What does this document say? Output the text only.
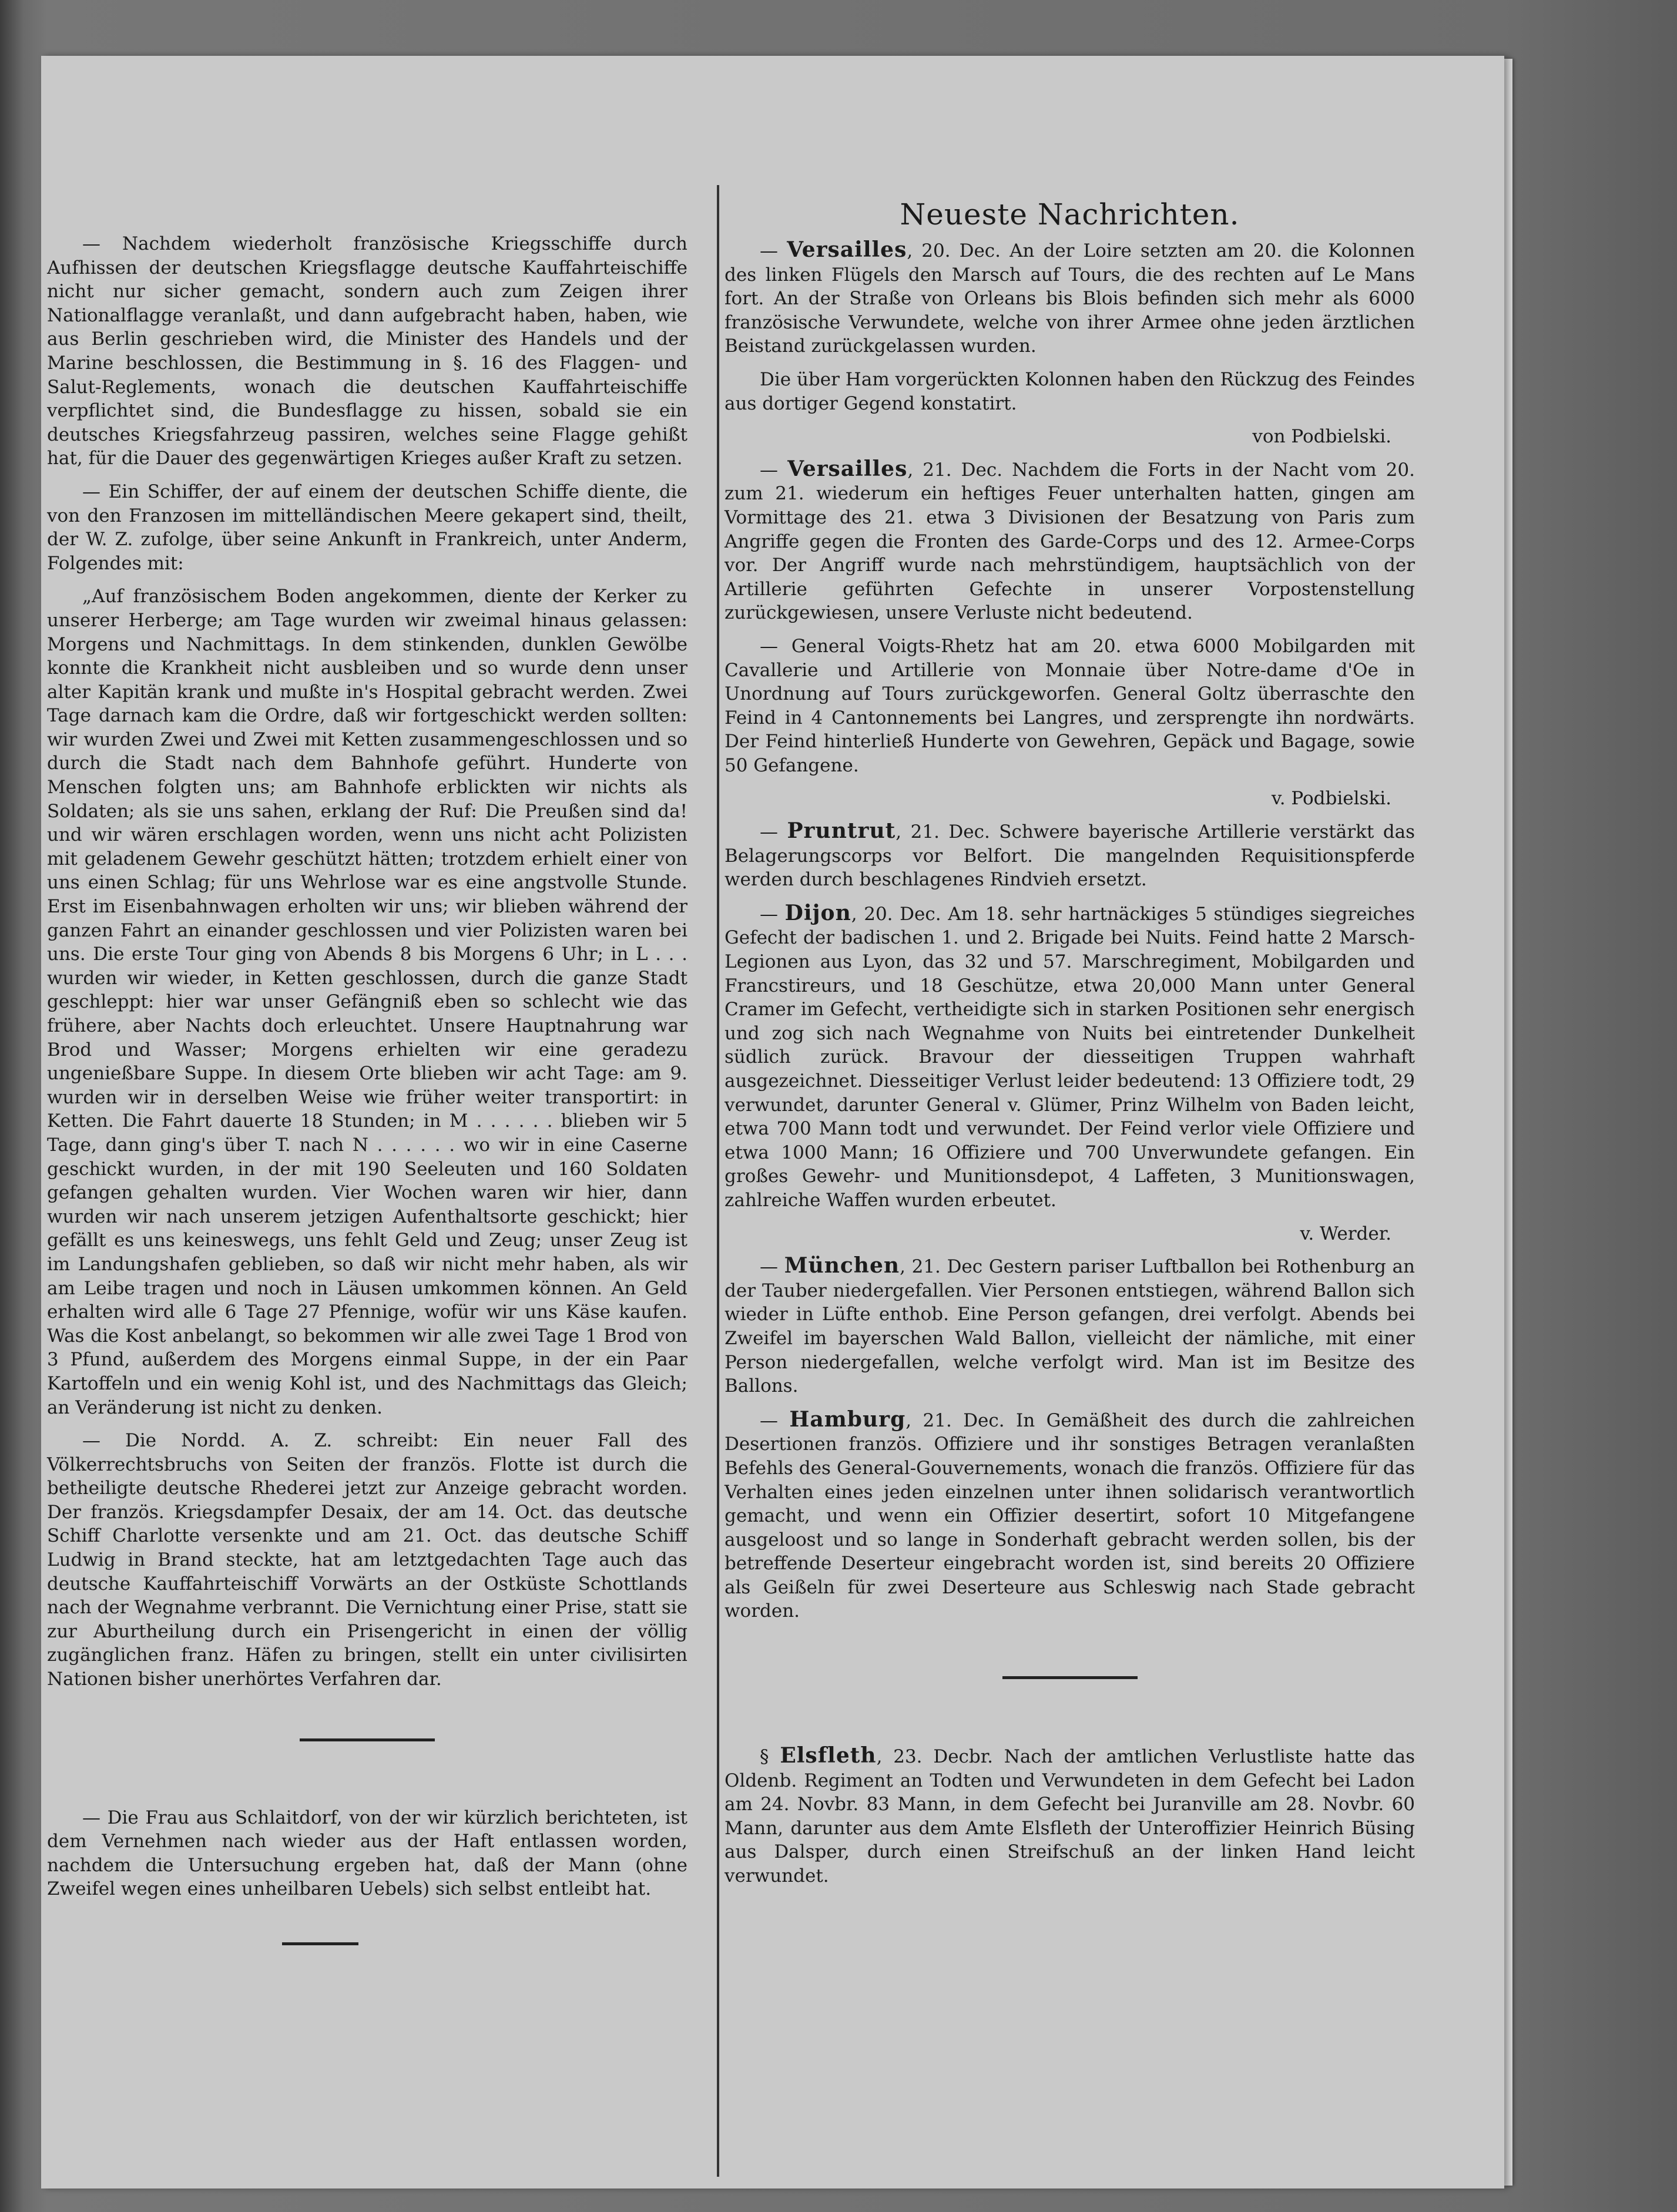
— Nachdem wiederholt französische Kriegsschiffe durch Aufhissen der deutschen Kriegsflagge deutsche Kauffahrteischiffe nicht nur sicher gemacht, sondern auch zum Zeigen ihrer Nationalflagge veranlaßt, und dann aufgebracht haben, haben, wie aus Berlin geschrieben wird, die Minister des Handels und der Marine beschlossen, die Bestimmung in §. 16 des Flaggen- und Salut-Reglements, wonach die deutschen Kauffahrteischiffe verpflichtet sind, die Bundesflagge zu hissen, sobald sie ein deutsches Kriegsfahrzeug passiren, welches seine Flagge gehißt hat, für die Dauer des gegenwärtigen Krieges außer Kraft zu setzen.

— Ein Schiffer, der auf einem der deutschen Schiffe diente, die von den Franzosen im mittelländischen Meere gekapert sind, theilt, der W. Z. zufolge, über seine Ankunft in Frankreich, unter Anderm, Folgendes mit:

„Auf französischem Boden angekommen, diente der Kerker zu unserer Herberge; am Tage wurden wir zweimal hinaus gelassen: Morgens und Nachmittags. In dem stinkenden, dunklen Gewölbe konnte die Krankheit nicht ausbleiben und so wurde denn unser alter Kapitän krank und mußte in's Hospital gebracht werden. Zwei Tage darnach kam die Ordre, daß wir fortgeschickt werden sollten: wir wurden Zwei und Zwei mit Ketten zusammengeschlossen und so durch die Stadt nach dem Bahnhofe geführt. Hunderte von Menschen folgten uns; am Bahnhofe erblickten wir nichts als Soldaten; als sie uns sahen, erklang der Ruf: Die Preußen sind da! und wir wären erschlagen worden, wenn uns nicht acht Polizisten mit geladenem Gewehr geschützt hätten; trotzdem erhielt einer von uns einen Schlag; für uns Wehrlose war es eine angstvolle Stunde. Erst im Eisenbahnwagen erholten wir uns; wir blieben während der ganzen Fahrt an einander geschlossen und vier Polizisten waren bei uns. Die erste Tour ging von Abends 8 bis Morgens 6 Uhr; in L . . . wurden wir wieder, in Ketten geschlossen, durch die ganze Stadt geschleppt: hier war unser Gefängniß eben so schlecht wie das frühere, aber Nachts doch erleuchtet. Unsere Hauptnahrung war Brod und Wasser; Morgens erhielten wir eine geradezu ungenießbare Suppe. In diesem Orte blieben wir acht Tage: am 9. wurden wir in derselben Weise wie früher weiter transportirt: in Ketten. Die Fahrt dauerte 18 Stunden; in M . . . . . . blieben wir 5 Tage, dann ging's über T. nach N . . . . . . wo wir in eine Caserne geschickt wurden, in der mit 190 Seeleuten und 160 Soldaten gefangen gehalten wurden. Vier Wochen waren wir hier, dann wurden wir nach unserem jetzigen Aufenthaltsorte geschickt; hier gefällt es uns keineswegs, uns fehlt Geld und Zeug; unser Zeug ist im Landungshafen geblieben, so daß wir nicht mehr haben, als wir am Leibe tragen und noch in Läusen umkommen können. An Geld erhalten wird alle 6 Tage 27 Pfennige, wofür wir uns Käse kaufen. Was die Kost anbelangt, so bekommen wir alle zwei Tage 1 Brod von 3 Pfund, außerdem des Morgens einmal Suppe, in der ein Paar Kartoffeln und ein wenig Kohl ist, und des Nachmittags das Gleich; an Veränderung ist nicht zu denken.

— Die Nordd. A. Z. schreibt: Ein neuer Fall des Völkerrechtsbruchs von Seiten der französ. Flotte ist durch die betheiligte deutsche Rhederei jetzt zur Anzeige gebracht worden. Der französ. Kriegsdampfer Desaix, der am 14. Oct. das deutsche Schiff Charlotte versenkte und am 21. Oct. das deutsche Schiff Ludwig in Brand steckte, hat am letztgedachten Tage auch das deutsche Kauffahrteischiff Vorwärts an der Ostküste Schottlands nach der Wegnahme verbrannt. Die Vernichtung einer Prise, statt sie zur Aburtheilung durch ein Prisengericht in einen der völlig zugänglichen franz. Häfen zu bringen, stellt ein unter civilisirten Nationen bisher unerhörtes Verfahren dar.

— Die Frau aus Schlaitdorf, von der wir kürzlich berichteten, ist dem Vernehmen nach wieder aus der Haft entlassen worden, nachdem die Untersuchung ergeben hat, daß der Mann (ohne Zweifel wegen eines unheilbaren Uebels) sich selbst entleibt hat.

Neueste Nachrichten.

— Versailles, 20. Dec. An der Loire setzten am 20. die Kolonnen des linken Flügels den Marsch auf Tours, die des rechten auf Le Mans fort. An der Straße von Orleans bis Blois befinden sich mehr als 6000 französische Verwundete, welche von ihrer Armee ohne jeden ärztlichen Beistand zurückgelassen wurden.

Die über Ham vorgerückten Kolonnen haben den Rückzug des Feindes aus dortiger Gegend konstatirt.

von Podbielski.

— Versailles, 21. Dec. Nachdem die Forts in der Nacht vom 20. zum 21. wiederum ein heftiges Feuer unterhalten hatten, gingen am Vormittage des 21. etwa 3 Divisionen der Besatzung von Paris zum Angriffe gegen die Fronten des Garde-Corps und des 12. Armee-Corps vor. Der Angriff wurde nach mehrstündigem, hauptsächlich von der Artillerie geführten Gefechte in unserer Vorpostenstellung zurückgewiesen, unsere Verluste nicht bedeutend.

— General Voigts-Rhetz hat am 20. etwa 6000 Mobilgarden mit Cavallerie und Artillerie von Monnaie über Notre-dame d'Oe in Unordnung auf Tours zurückgeworfen. General Goltz überraschte den Feind in 4 Cantonnements bei Langres, und zersprengte ihn nordwärts. Der Feind hinterließ Hunderte von Gewehren, Gepäck und Bagage, sowie 50 Gefangene.

v. Podbielski.

— Pruntrut, 21. Dec. Schwere bayerische Artillerie verstärkt das Belagerungscorps vor Belfort. Die mangelnden Requisitionspferde werden durch beschlagenes Rindvieh ersetzt.

— Dijon, 20. Dec. Am 18. sehr hartnäckiges 5 stündiges siegreiches Gefecht der badischen 1. und 2. Brigade bei Nuits. Feind hatte 2 Marsch-Legionen aus Lyon, das 32 und 57. Marschregiment, Mobilgarden und Francstireurs, und 18 Geschütze, etwa 20,000 Mann unter General Cramer im Gefecht, vertheidigte sich in starken Positionen sehr energisch und zog sich nach Wegnahme von Nuits bei eintretender Dunkelheit südlich zurück. Bravour der diesseitigen Truppen wahrhaft ausgezeichnet. Diesseitiger Verlust leider bedeutend: 13 Offiziere todt, 29 verwundet, darunter General v. Glümer, Prinz Wilhelm von Baden leicht, etwa 700 Mann todt und verwundet. Der Feind verlor viele Offiziere und etwa 1000 Mann; 16 Offiziere und 700 Unverwundete gefangen. Ein großes Gewehr- und Munitionsdepot, 4 Laffeten, 3 Munitionswagen, zahlreiche Waffen wurden erbeutet.

v. Werder.

— München, 21. Dec Gestern pariser Luftballon bei Rothenburg an der Tauber niedergefallen. Vier Personen entstiegen, während Ballon sich wieder in Lüfte enthob. Eine Person gefangen, drei verfolgt. Abends bei Zweifel im bayerschen Wald Ballon, vielleicht der nämliche, mit einer Person niedergefallen, welche verfolgt wird. Man ist im Besitze des Ballons.

— Hamburg, 21. Dec. In Gemäßheit des durch die zahlreichen Desertionen französ. Offiziere und ihr sonstiges Betragen veranlaßten Befehls des General-Gouvernements, wonach die französ. Offiziere für das Verhalten eines jeden einzelnen unter ihnen solidarisch verantwortlich gemacht, und wenn ein Offizier desertirt, sofort 10 Mitgefangene ausgeloost und so lange in Sonderhaft gebracht werden sollen, bis der betreffende Deserteur eingebracht worden ist, sind bereits 20 Offiziere als Geißeln für zwei Deserteure aus Schleswig nach Stade gebracht worden.

§ Elsfleth, 23. Decbr. Nach der amtlichen Verlustliste hatte das Oldenb. Regiment an Todten und Verwundeten in dem Gefecht bei Ladon am 24. Novbr. 83 Mann, in dem Gefecht bei Juranville am 28. Novbr. 60 Mann, darunter aus dem Amte Elsfleth der Unteroffizier Heinrich Büsing aus Dalsper, durch einen Streifschuß an der linken Hand leicht verwundet.
